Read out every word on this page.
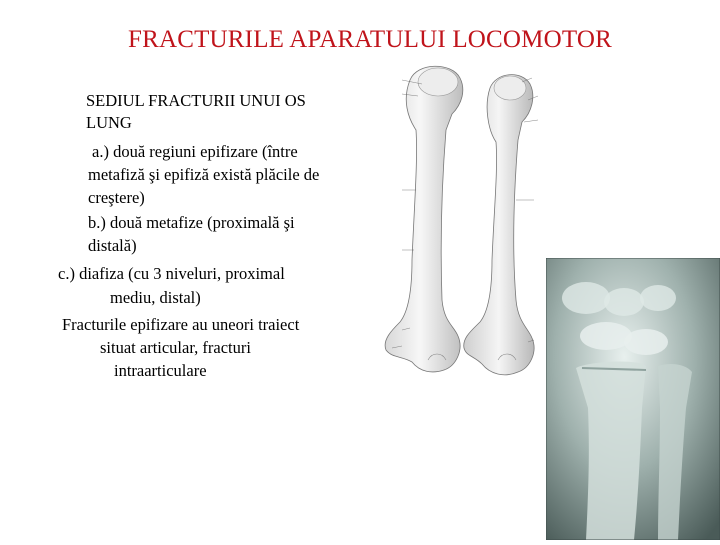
FRACTURILE APARATULUI LOCOMOTOR
SEDIUL FRACTURII UNUI OS
LUNG
a.) două regiuni epifizare (între
metafiză şi epifiză există plăcile de
creştere)
b.) două metafize (proximală şi
distală)
c.) diafiza (cu 3 niveluri, proximal
mediu, distal)
Fracturile epifizare au uneori traiect
situat articular, fracturi
intraarticulare
